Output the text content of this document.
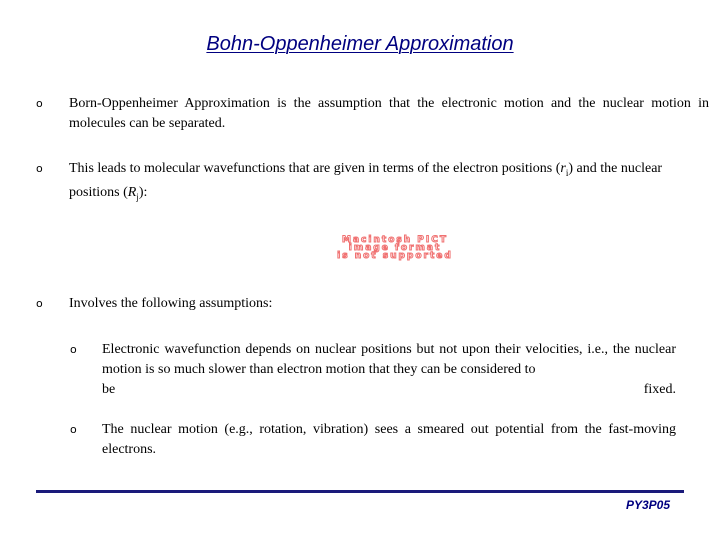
Bohn-Oppenheimer Approximation
o Born-Oppenheimer Approximation is the assumption that the electronic motion and the nuclear motion in molecules can be separated.
o This leads to molecular wavefunctions that are given in terms of the electron positions $(r_i)$ and the nuclear positions $(R_j)$:
Macintosh PICT
image format
is not supported
o Involves the following assumptions:
o Electronic wavefunction depends on nuclear positions but not upon their velocities, i.e., the nuclear motion is so much slower than electron motion that they can be considered to
be	fixed.
o The nuclear motion (e.g., rotation, vibration) sees a smeared out potential from the fast-moving electrons.
PY3P05
